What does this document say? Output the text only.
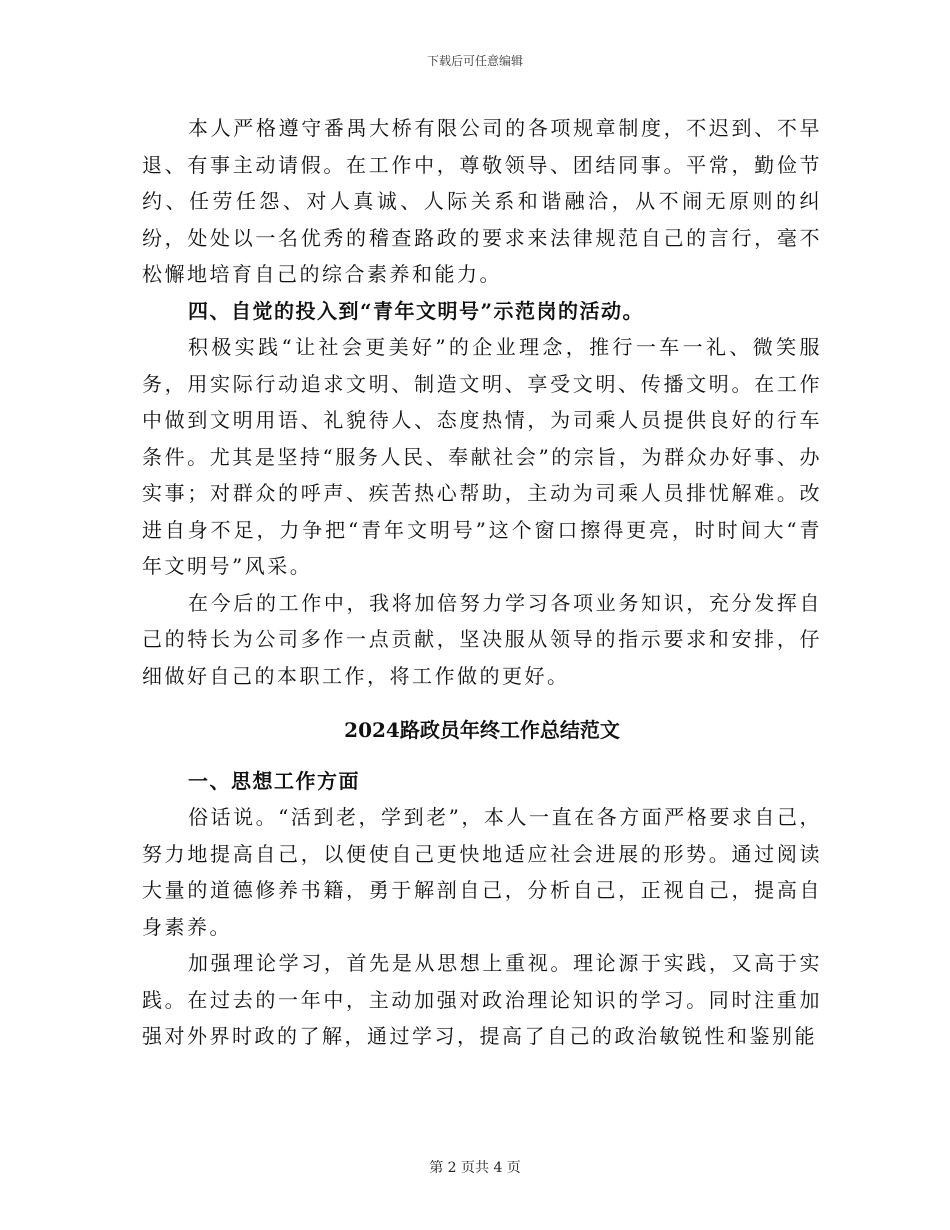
下载后可任意编辑

本人严格遵守番禺大桥有限公司的各项规章制度，不迟到、不早退、有事主动请假。在工作中，尊敬领导、团结同事。平常，勤俭节约、任劳任怨、对人真诚、人际关系和谐融洽，从不闹无原则的纠纷，处处以一名优秀的稽查路政的要求来法律规范自己的言行，毫不松懈地培育自己的综合素养和能力。

四、自觉的投入到“青年文明号”示范岗的活动。

积极实践“让社会更美好”的企业理念，推行一车一礼、微笑服务，用实际行动追求文明、制造文明、享受文明、传播文明。在工作中做到文明用语、礼貌待人、态度热情，为司乘人员提供良好的行车条件。尤其是坚持“服务人民、奉献社会”的宗旨，为群众办好事、办实事；对群众的呼声、疾苦热心帮助，主动为司乘人员排忧解难。改进自身不足，力争把“青年文明号”这个窗口擦得更亮，时时间大“青年文明号”风采。

在今后的工作中，我将加倍努力学习各项业务知识，充分发挥自己的特长为公司多作一点贡献，坚决服从领导的指示要求和安排，仔细做好自己的本职工作，将工作做的更好。

2024路政员年终工作总结范文

一、思想工作方面

俗话说。“活到老，学到老”，本人一直在各方面严格要求自己，努力地提高自己，以便使自己更快地适应社会进展的形势。通过阅读大量的道德修养书籍，勇于解剖自己，分析自己，正视自己，提高自身素养。

加强理论学习，首先是从思想上重视。理论源于实践，又高于实践。在过去的一年中，主动加强对政治理论知识的学习。同时注重加强对外界时政的了解，通过学习，提高了自己的政治敏锐性和鉴别能

第 2 页共 4 页
